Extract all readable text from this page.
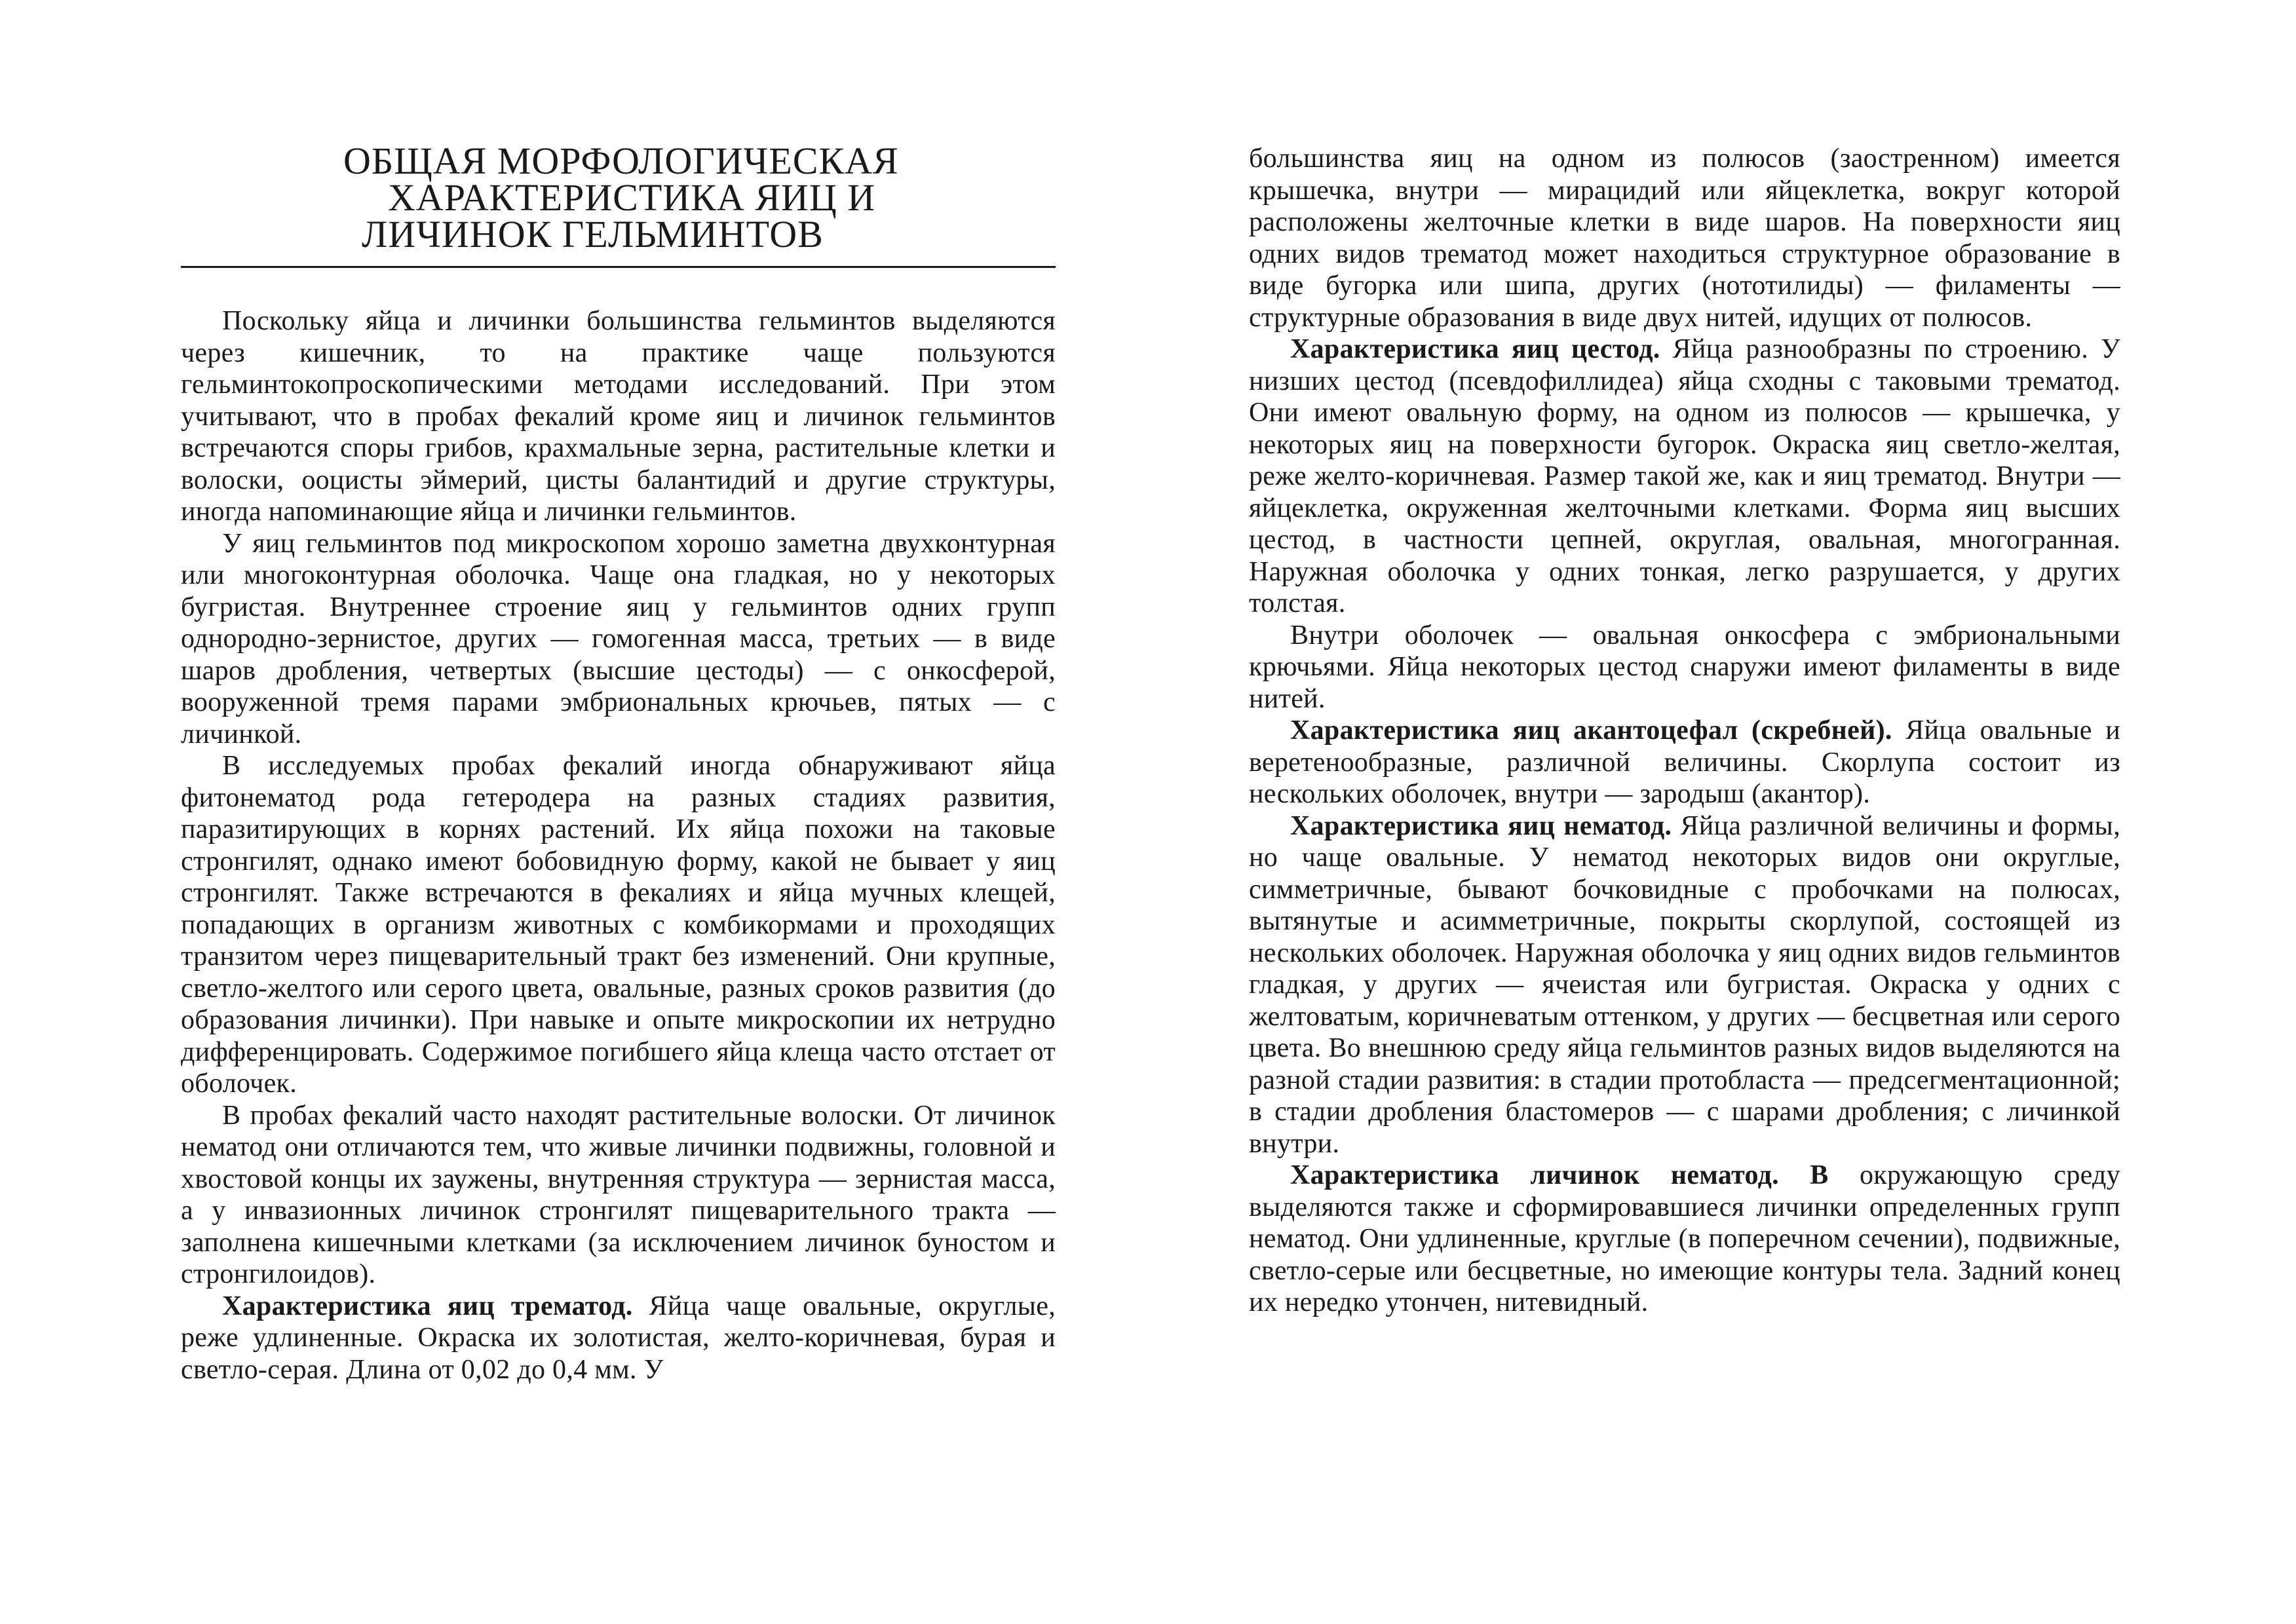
ОБЩАЯ МОРФОЛОГИЧЕСКАЯ
ХАРАКТЕРИСТИКА ЯИЦ И
ЛИЧИНОК ГЕЛЬМИНТОВ

Поскольку яйца и личинки большинства гельминтов выделяются через кишечник, то на практике чаще пользуются гельминтокопроскопическими методами исследований. При этом учитывают, что в пробах фекалий кроме яиц и личинок гельминтов встречаются споры грибов, крахмальные зерна, растительные клетки и волоски, ооцисты эймерий, цисты балантидий и другие структуры, иногда напоминающие яйца и личинки гельминтов.

У яиц гельминтов под микроскопом хорошо заметна двухконтурная или многоконтурная оболочка. Чаще она гладкая, но у некоторых бугристая. Внутреннее строение яиц у гельминтов одних групп однородно-зернистое, других — гомогенная масса, третьих — в виде шаров дробления, четвертых (высшие цестоды) — с онкосферой, вооруженной тремя парами эмбриональных крючьев, пятых — с личинкой.

В исследуемых пробах фекалий иногда обнаруживают яйца фитонематод рода гетеродера на разных стадиях развития, паразитирующих в корнях растений. Их яйца похожи на таковые стронгилят, однако имеют бобовидную форму, какой не бывает у яиц стронгилят. Также встречаются в фекалиях и яйца мучных клещей, попадающих в организм животных с комбикормами и проходящих транзитом через пищеварительный тракт без изменений. Они крупные, светло-желтого или серого цвета, овальные, разных сроков развития (до образования личинки). При навыке и опыте микроскопии их нетрудно дифференцировать. Содержимое погибшего яйца клеща часто отстает от оболочек.

В пробах фекалий часто находят растительные волоски. От личинок нематод они отличаются тем, что живые личинки подвижны, головной и хвостовой концы их заужены, внутренняя структура — зернистая масса, а у инвазионных личинок стронгилят пищеварительного тракта — заполнена кишечными клетками (за исключением личинок буностом и стронгилоидов).

Характеристика яиц трематод. Яйца чаще овальные, округлые, реже удлиненные. Окраска их золотистая, желто-коричневая, бурая и светло-серая. Длина от 0,02 до 0,4 мм. У

большинства яиц на одном из полюсов (заостренном) имеется крышечка, внутри — мирацидий или яйцеклетка, вокруг которой расположены желточные клетки в виде шаров. На поверхности яиц одних видов трематод может находиться структурное образование в виде бугорка или шипа, других (нототилиды) — филаменты — структурные образования в виде двух нитей, идущих от полюсов.

Характеристика яиц цестод. Яйца разнообразны по строению. У низших цестод (псевдофиллидеа) яйца сходны с таковыми трематод. Они имеют овальную форму, на одном из полюсов — крышечка, у некоторых яиц на поверхности бугорок. Окраска яиц светло-желтая, реже желто-коричневая. Размер такой же, как и яиц трематод. Внутри — яйцеклетка, окруженная желточными клетками. Форма яиц высших цестод, в частности цепней, округлая, овальная, многогранная. Наружная оболочка у одних тонкая, легко разрушается, у других толстая.

Внутри оболочек — овальная онкосфера с эмбриональными крючьями. Яйца некоторых цестод снаружи имеют филаменты в виде нитей.

Характеристика яиц акантоцефал (скребней). Яйца овальные и веретенообразные, различной величины. Скорлупа состоит из нескольких оболочек, внутри — зародыш (акантор).

Характеристика яиц нематод. Яйца различной величины и формы, но чаще овальные. У нематод некоторых видов они округлые, симметричные, бывают бочковидные с пробочками на полюсах, вытянутые и асимметричные, покрыты скорлупой, состоящей из нескольких оболочек. Наружная оболочка у яиц одних видов гельминтов гладкая, у других — ячеистая или бугристая. Окраска у одних с желтоватым, коричневатым оттенком, у других — бесцветная или серого цвета. Во внешнюю среду яйца гельминтов разных видов выделяются на разной стадии развития: в стадии протобласта — предсегментационной; в стадии дробления бластомеров — с шарами дробления; с личинкой внутри.

Характеристика личинок нематод. В окружающую среду выделяются также и сформировавшиеся личинки определенных групп нематод. Они удлиненные, круглые (в поперечном сечении), подвижные, светло-серые или бесцветные, но имеющие контуры тела. Задний конец их нередко утончен, нитевидный.
